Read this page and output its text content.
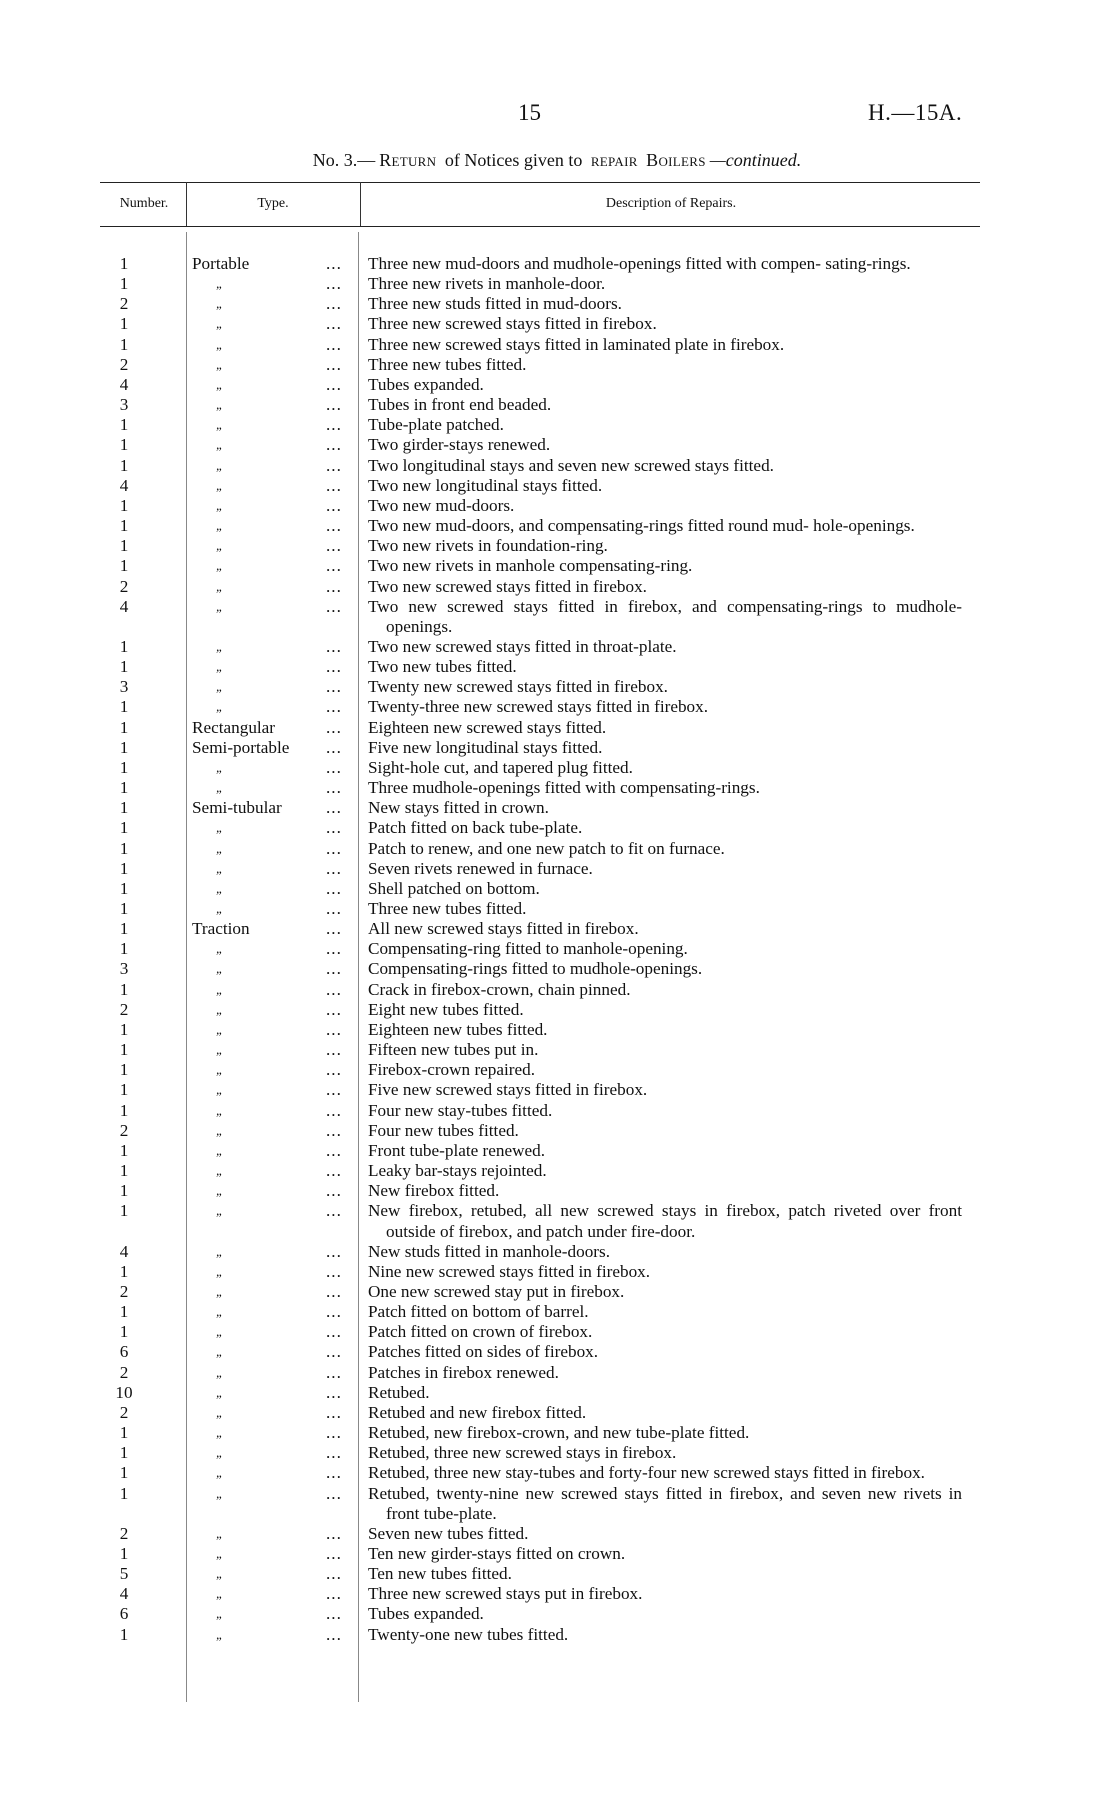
15	H.—15A.
No. 3.— Return of Notices given to repair Boilers —continued.
Number.	Type.	Description of Repairs.
1	Portable	...	Three new mud-doors and mudhole-openings fitted with compen- sating-rings.
1	„	...	Three new rivets in manhole-door.
2	„	...	Three new studs fitted in mud-doors.
1	„	...	Three new screwed stays fitted in firebox.
1	„	...	Three new screwed stays fitted in laminated plate in firebox.
2	„	...	Three new tubes fitted.
4	„	...	Tubes expanded.
3	„	...	Tubes in front end beaded.
1	„	...	Tube-plate patched.
1	„	...	Two girder-stays renewed.
1	„	...	Two longitudinal stays and seven new screwed stays fitted.
4	„	...	Two new longitudinal stays fitted.
1	„	...	Two new mud-doors.
1	„	...	Two new mud-doors, and compensating-rings fitted round mud- hole-openings.
1	„	...	Two new rivets in foundation-ring.
1	„	...	Two new rivets in manhole compensating-ring.
2	„	...	Two new screwed stays fitted in firebox.
4	„	...	Two new screwed stays fitted in firebox, and compensating-rings to mudhole-openings.
1	„	...	Two new screwed stays fitted in throat-plate.
1	„	...	Two new tubes fitted.
3	„	...	Twenty new screwed stays fitted in firebox.
1	„	...	Twenty-three new screwed stays fitted in firebox.
1	Rectangular	...	Eighteen new screwed stays fitted.
1	Semi-portable	...	Five new longitudinal stays fitted.
1	„	...	Sight-hole cut, and tapered plug fitted.
1	„	...	Three mudhole-openings fitted with compensating-rings.
1	Semi-tubular	...	New stays fitted in crown.
1	„	...	Patch fitted on back tube-plate.
1	„	...	Patch to renew, and one new patch to fit on furnace.
1	„	...	Seven rivets renewed in furnace.
1	„	...	Shell patched on bottom.
1	„	...	Three new tubes fitted.
1	Traction	...	All new screwed stays fitted in firebox.
1	„	...	Compensating-ring fitted to manhole-opening.
3	„	...	Compensating-rings fitted to mudhole-openings.
1	„	...	Crack in firebox-crown, chain pinned.
2	„	...	Eight new tubes fitted.
1	„	...	Eighteen new tubes fitted.
1	„	...	Fifteen new tubes put in.
1	„	...	Firebox-crown repaired.
1	„	...	Five new screwed stays fitted in firebox.
1	„	...	Four new stay-tubes fitted.
2	„	...	Four new tubes fitted.
1	„	...	Front tube-plate renewed.
1	„	...	Leaky bar-stays rejointed.
1	„	...	New firebox fitted.
1	„	...	New firebox, retubed, all new screwed stays in firebox, patch riveted over front outside of firebox, and patch under fire-door.
4	„	...	New studs fitted in manhole-doors.
1	„	...	Nine new screwed stays fitted in firebox.
2	„	...	One new screwed stay put in firebox.
1	„	...	Patch fitted on bottom of barrel.
1	„	...	Patch fitted on crown of firebox.
6	„	...	Patches fitted on sides of firebox.
2	„	...	Patches in firebox renewed.
10	„	...	Retubed.
2	„	...	Retubed and new firebox fitted.
1	„	...	Retubed, new firebox-crown, and new tube-plate fitted.
1	„	...	Retubed, three new screwed stays in firebox.
1	„	...	Retubed, three new stay-tubes and forty-four new screwed stays fitted in firebox.
1	„	...	Retubed, twenty-nine new screwed stays fitted in firebox, and seven new rivets in front tube-plate.
2	„	...	Seven new tubes fitted.
1	„	...	Ten new girder-stays fitted on crown.
5	„	...	Ten new tubes fitted.
4	„	...	Three new screwed stays put in firebox.
6	„	...	Tubes expanded.
1	„	...	Twenty-one new tubes fitted.
